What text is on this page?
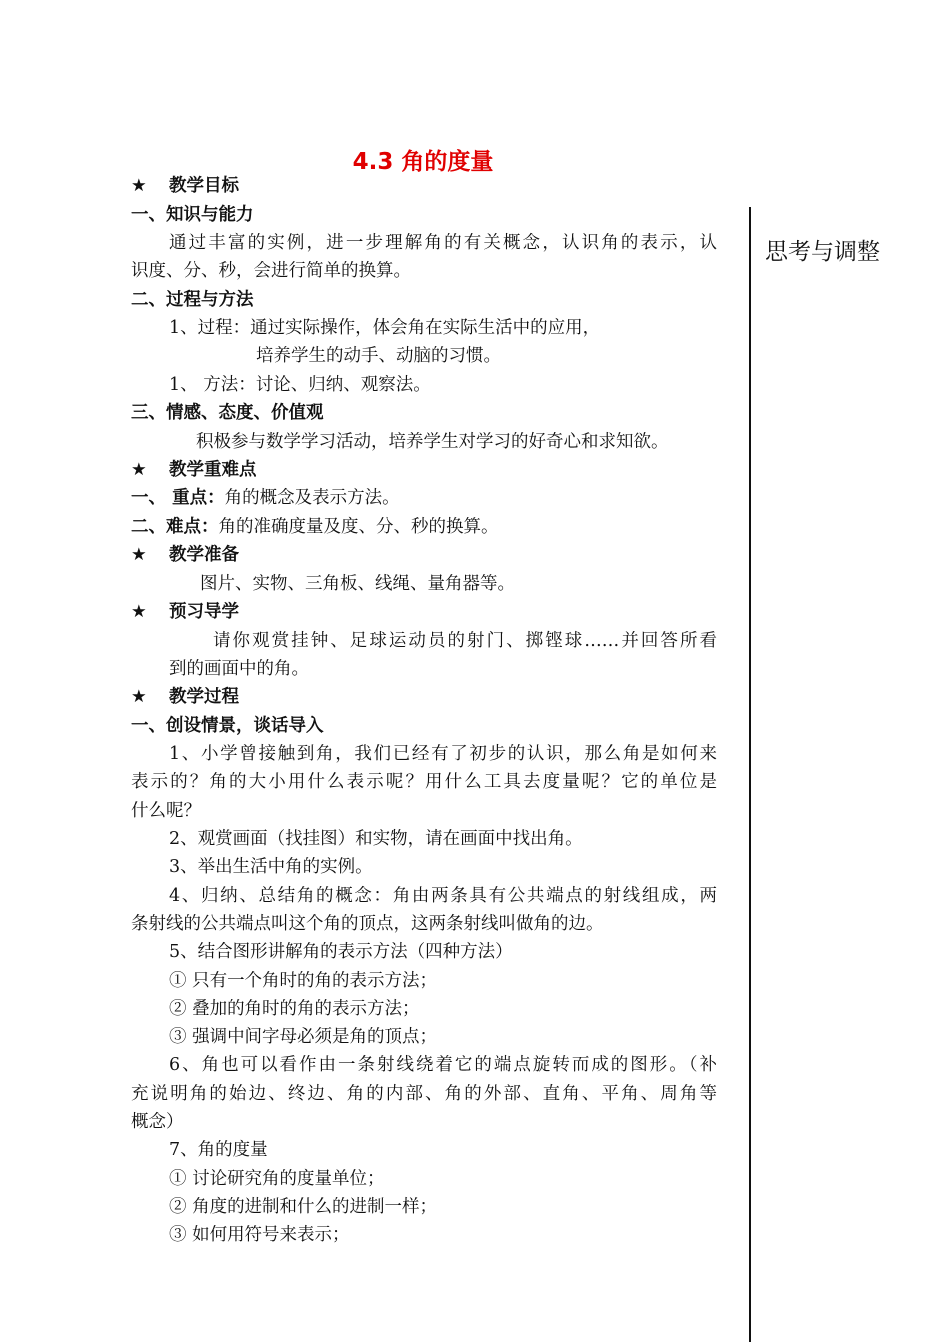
4.3 角的度量
思考与调整
★ 教学目标
一、知识与能力
通过丰富的实例，进一步理解角的有关概念，认识角的表示，认
识度、分、秒，会进行简单的换算。
二、过程与方法
1、过程：通过实际操作，体会角在实际生活中的应用，
培养学生的动手、动脑的习惯。
1、 方法：讨论、归纳、观察法。
三、情感、态度、价值观
积极参与数学学习活动，培养学生对学习的好奇心和求知欲。
★ 教学重难点
一、 重点：角的概念及表示方法。
二、难点：角的准确度量及度、分、秒的换算。
★ 教学准备
图片、实物、三角板、线绳、量角器等。
★ 预习导学
请你观赏挂钟、足球运动员的射门、掷铿球……并回答所看
到的画面中的角。
★ 教学过程
一、创设情景，谈话导入
1、小学曾接触到角，我们已经有了初步的认识，那么角是如何来
表示的？角的大小用什么表示呢？用什么工具去度量呢？它的单位是
什么呢？
2、观赏画面（找挂图）和实物，请在画面中找出角。
3、举出生活中角的实例。
4、归纳、总结角的概念：角由两条具有公共端点的射线组成，两
条射线的公共端点叫这个角的顶点，这两条射线叫做角的边。
5、结合图形讲解角的表示方法（四种方法）
① 只有一个角时的角的表示方法；
② 叠加的角时的角的表示方法；
③ 强调中间字母必须是角的顶点；
6、角也可以看作由一条射线绕着它的端点旋转而成的图形。（补
充说明角的始边、终边、角的内部、角的外部、直角、平角、周角等
概念）
7、角的度量
① 讨论研究角的度量单位；
② 角度的进制和什么的进制一样；
③ 如何用符号来表示；
